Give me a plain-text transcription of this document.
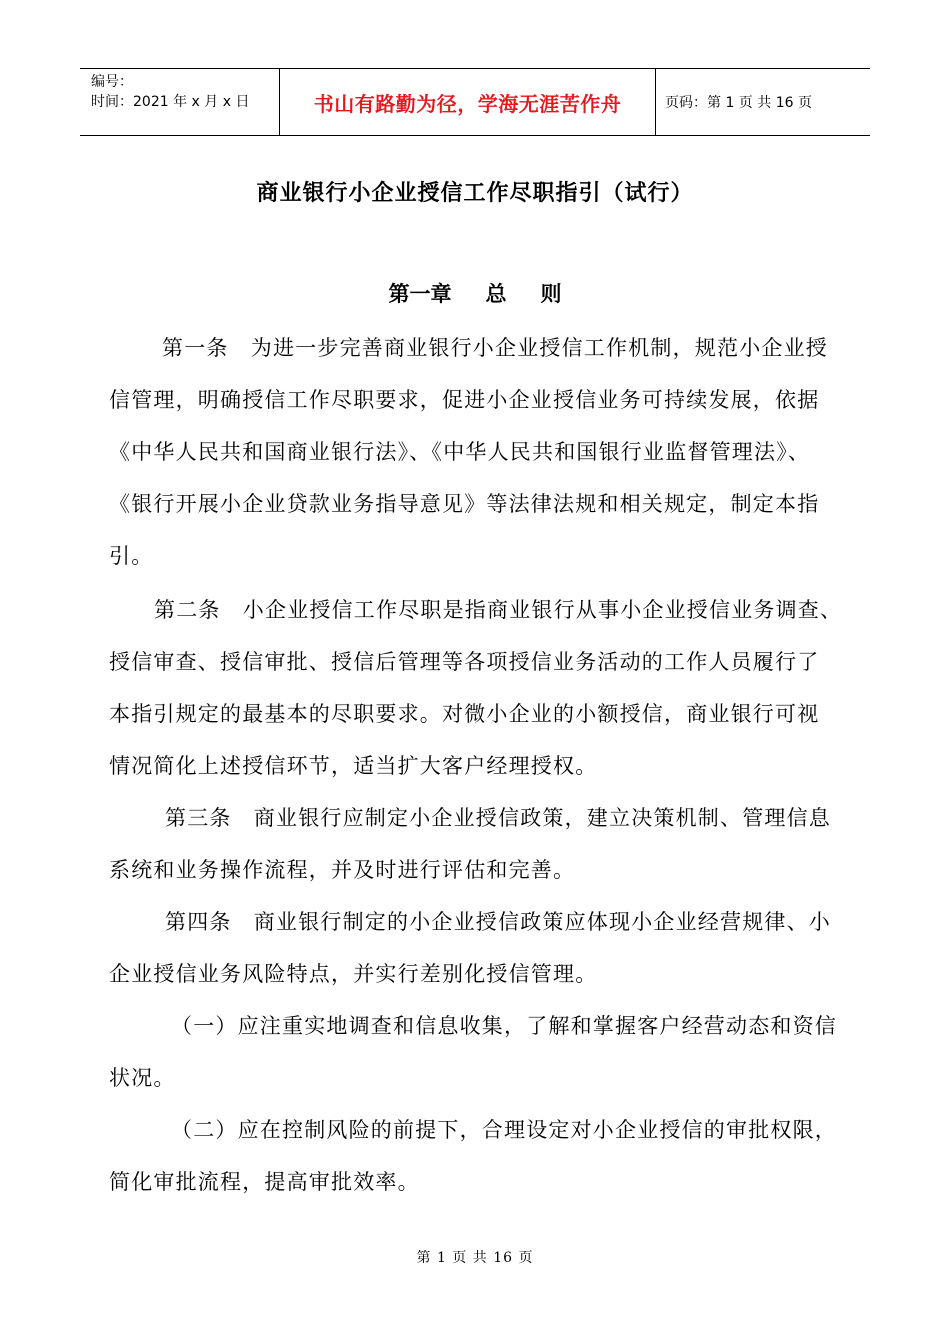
编号：
时间：2021 年 x 月 x 日	书山有路勤为径，学海无涯苦作舟	页码：第 1 页 共 16 页
商业银行小企业授信工作尽职指引（试行）
第一章 总 则
第一条　为进一步完善商业银行小企业授信工作机制，规范小企业授
信管理，明确授信工作尽职要求，促进小企业授信业务可持续发展，依据
《中华人民共和国商业银行法》、《中华人民共和国银行业监督管理法》、
《银行开展小企业贷款业务指导意见》等法律法规和相关规定，制定本指
引。
第二条　小企业授信工作尽职是指商业银行从事小企业授信业务调查、
授信审查、授信审批、授信后管理等各项授信业务活动的工作人员履行了
本指引规定的最基本的尽职要求。对微小企业的小额授信，商业银行可视
情况简化上述授信环节，适当扩大客户经理授权。
第三条　商业银行应制定小企业授信政策，建立决策机制、管理信息
系统和业务操作流程，并及时进行评估和完善。
第四条　商业银行制定的小企业授信政策应体现小企业经营规律、小
企业授信业务风险特点，并实行差别化授信管理。
（一）应注重实地调查和信息收集，了解和掌握客户经营动态和资信
状况。
（二）应在控制风险的前提下，合理设定对小企业授信的审批权限，
简化审批流程，提高审批效率。
第 1 页 共 16 页
